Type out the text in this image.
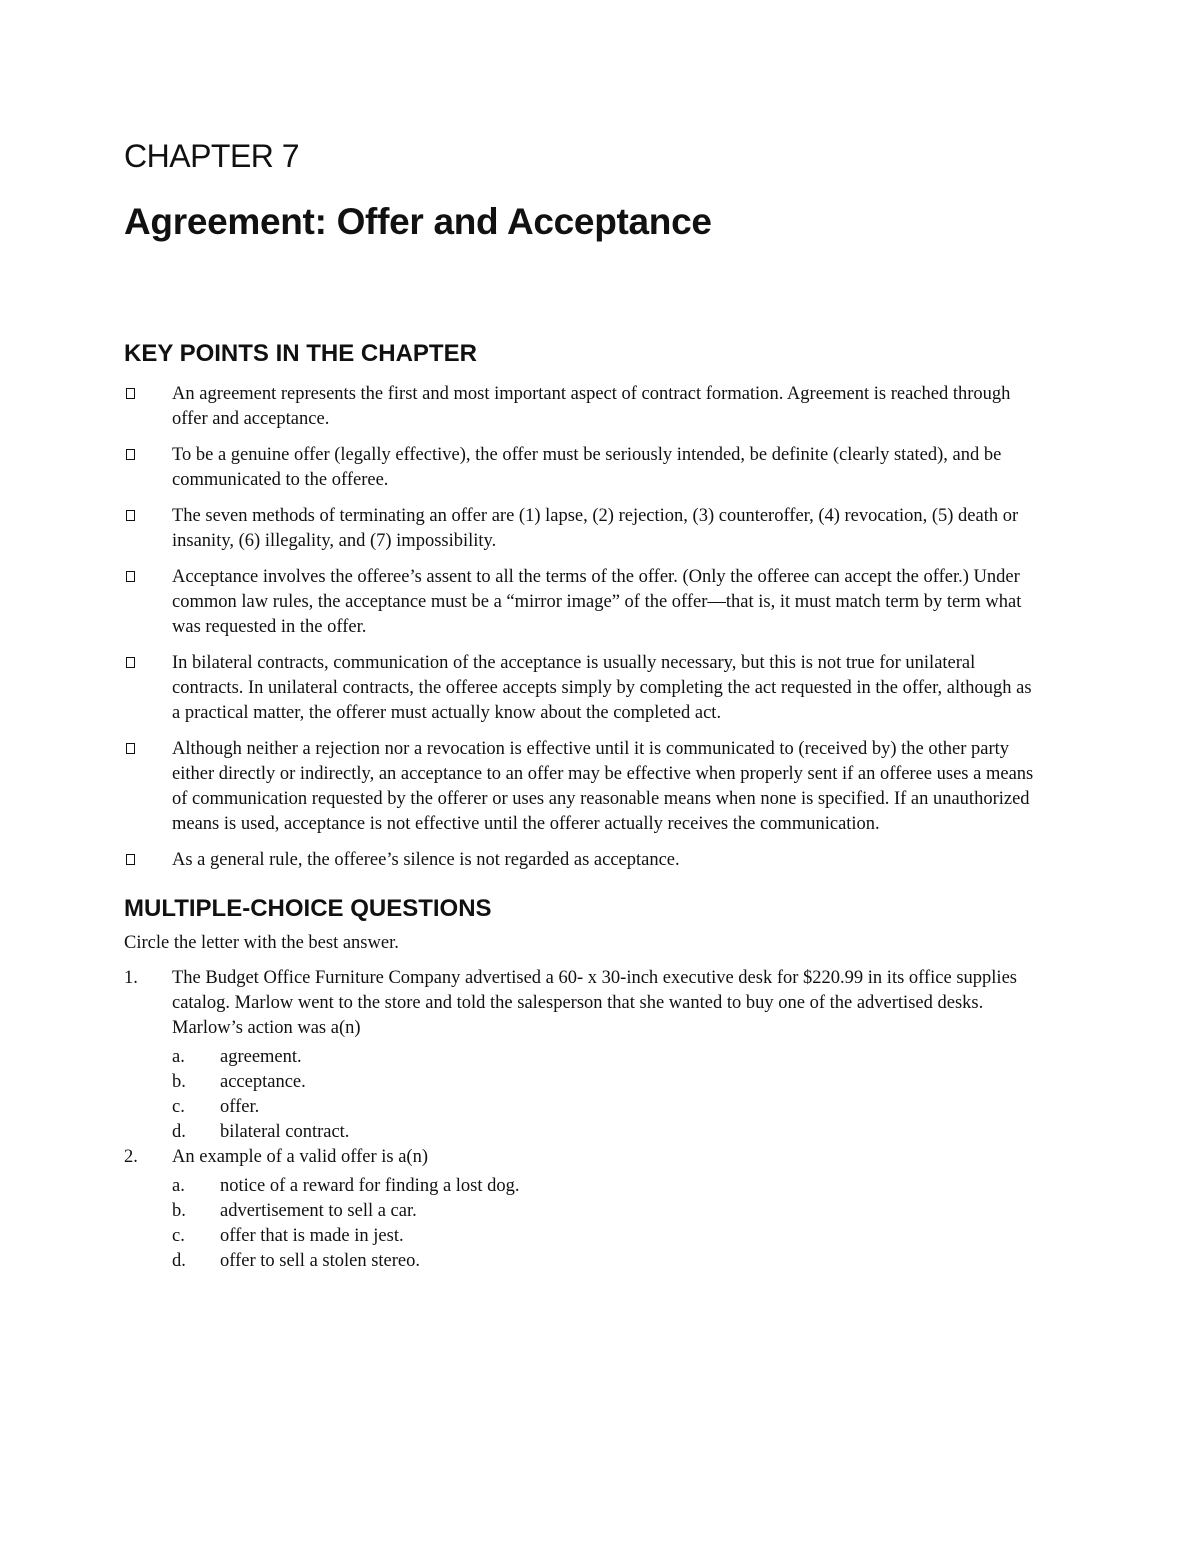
CHAPTER 7
Agreement: Offer and Acceptance
KEY POINTS IN THE CHAPTER
An agreement represents the first and most important aspect of contract formation. Agreement is reached through offer and acceptance.
To be a genuine offer (legally effective), the offer must be seriously intended, be definite (clearly stated), and be communicated to the offeree.
The seven methods of terminating an offer are (1) lapse, (2) rejection, (3) counteroffer, (4) revocation, (5) death or insanity, (6) illegality, and (7) impossibility.
Acceptance involves the offeree’s assent to all the terms of the offer. (Only the offeree can accept the offer.) Under common law rules, the acceptance must be a “mirror image” of the offer—that is, it must match term by term what was requested in the offer.
In bilateral contracts, communication of the acceptance is usually necessary, but this is not true for unilateral contracts. In unilateral contracts, the offeree accepts simply by completing the act requested in the offer, although as a practical matter, the offerer must actually know about the completed act.
Although neither a rejection nor a revocation is effective until it is communicated to (received by) the other party either directly or indirectly, an acceptance to an offer may be effective when properly sent if an offeree uses a means of communication requested by the offerer or uses any reasonable means when none is specified. If an unauthorized means is used, acceptance is not effective until the offerer actually receives the communication.
As a general rule, the offeree’s silence is not regarded as acceptance.
MULTIPLE-CHOICE QUESTIONS

Circle the letter with the best answer.

1. The Budget Office Furniture Company advertised a 60- x 30-inch executive desk for $220.99 in its office supplies catalog. Marlow went to the store and told the salesperson that she wanted to buy one of the advertised desks. Marlow’s action was a(n)
a. agreement.
b. acceptance.
c. offer.
d. bilateral contract.
2. An example of a valid offer is a(n)
a. notice of a reward for finding a lost dog.
b. advertisement to sell a car.
c. offer that is made in jest.
d. offer to sell a stolen stereo.
